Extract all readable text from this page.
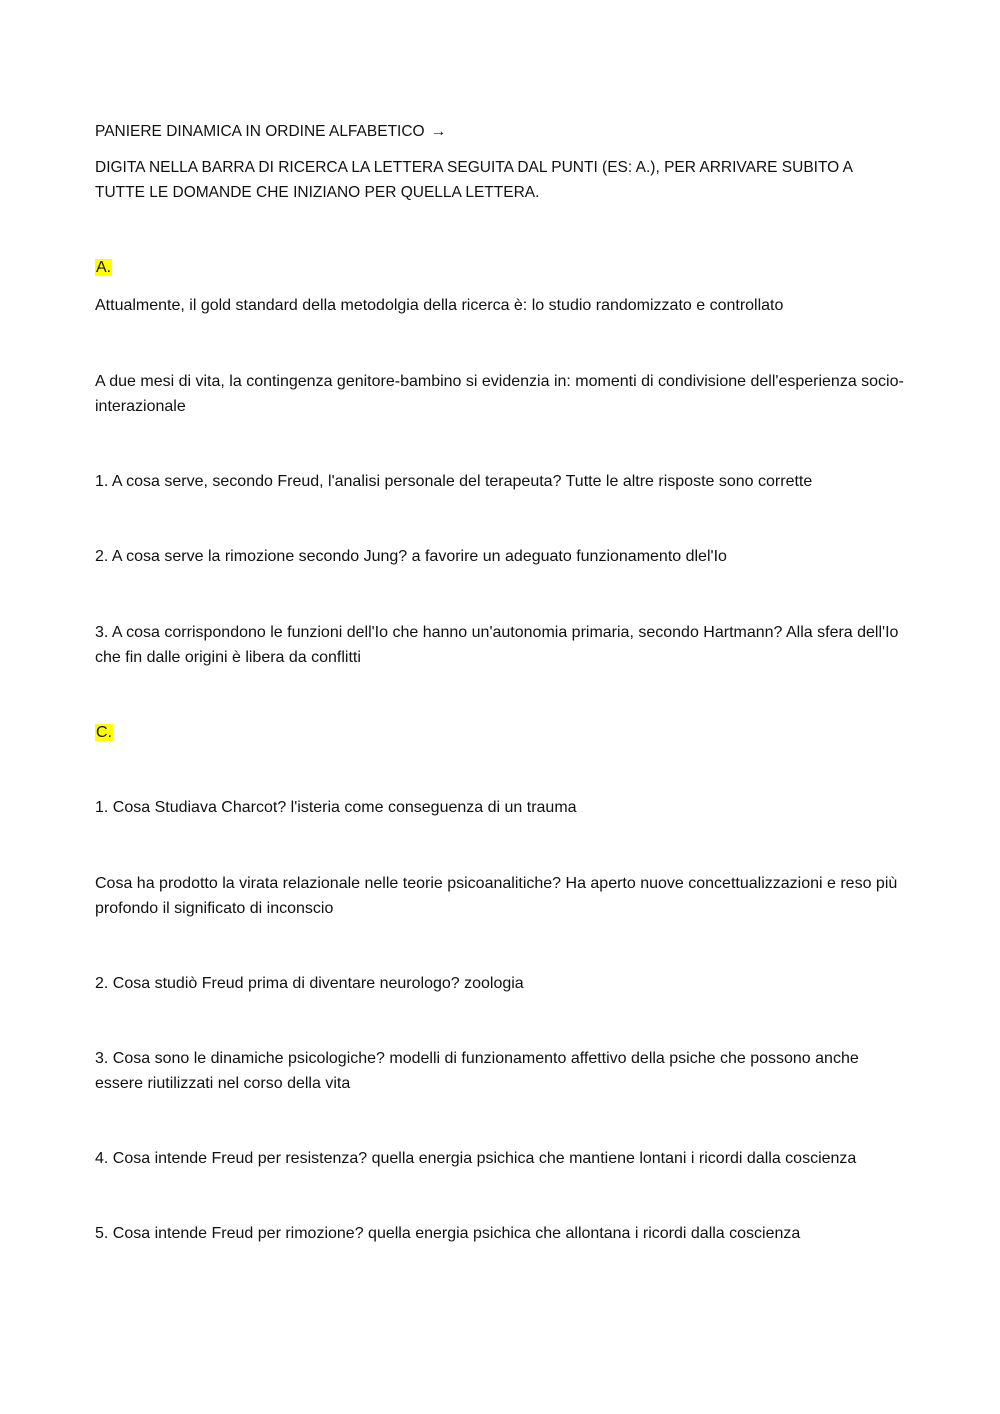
PANIERE DINAMICA IN ORDINE ALFABETICO →
DIGITA NELLA BARRA DI RICERCA LA LETTERA SEGUITA DAL PUNTI (ES: A.), PER ARRIVARE SUBITO A TUTTE LE DOMANDE CHE INIZIANO PER QUELLA LETTERA.
A.
Attualmente, il gold standard della metodolgia della ricerca è: lo studio randomizzato e controllato
A due mesi di vita, la contingenza genitore-bambino si evidenzia in: momenti di condivisione dell'esperienza socio-interazionale
1. A cosa serve, secondo Freud, l'analisi personale del terapeuta? Tutte le altre risposte sono corrette
2. A cosa serve la rimozione secondo Jung? a favorire un adeguato funzionamento dlel'Io
3. A cosa corrispondono le funzioni dell'Io che hanno un'autonomia primaria, secondo Hartmann? Alla sfera dell'Io che fin dalle origini è libera da conflitti
C.
1. Cosa Studiava Charcot? l'isteria come conseguenza di un trauma
Cosa ha prodotto la virata relazionale nelle teorie psicoanalitiche? Ha aperto nuove concettualizzazioni e reso più profondo il significato di inconscio
2. Cosa studiò Freud prima di diventare neurologo? zoologia
3. Cosa sono le dinamiche psicologiche? modelli di funzionamento affettivo della psiche che possono anche essere riutilizzati nel corso della vita
4. Cosa intende Freud per resistenza? quella energia psichica che mantiene lontani i ricordi dalla coscienza
5. Cosa intende Freud per rimozione? quella energia psichica che allontana i ricordi dalla coscienza
